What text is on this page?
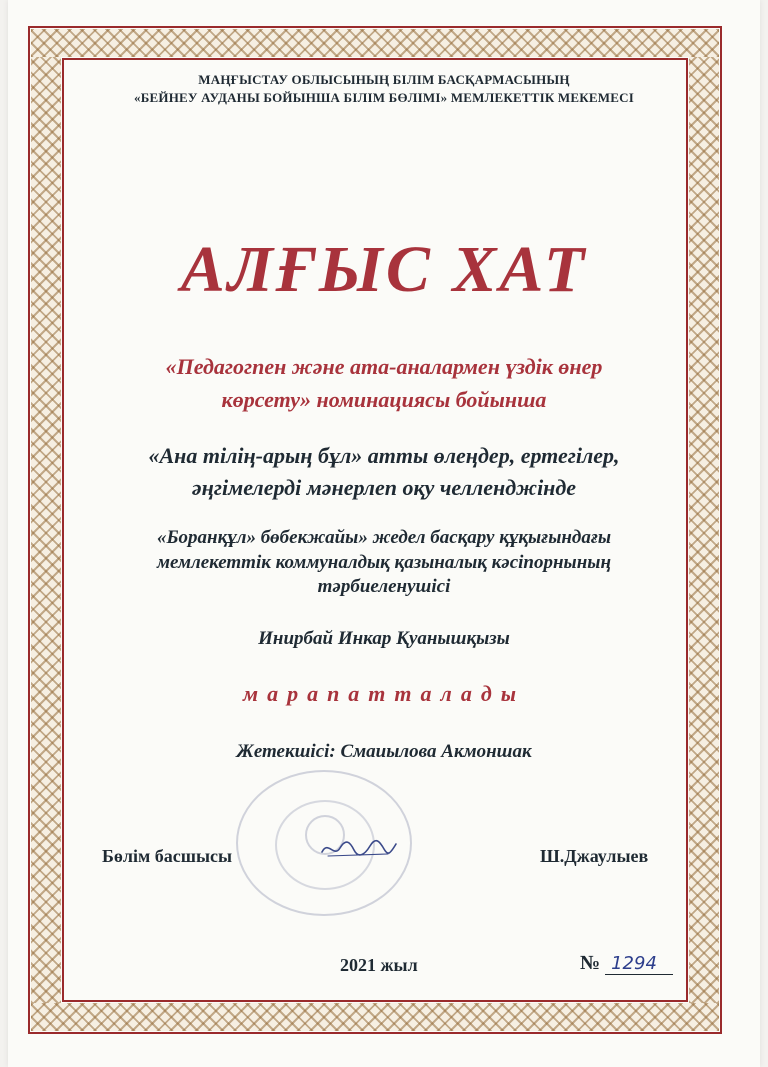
МАҢҒЫСТАУ ОБЛЫСЫНЫҢ БІЛІМ БАСҚАРМАСЫНЫҢ
«БЕЙНЕУ АУДАНЫ БОЙЫНША БІЛІМ БӨЛІМІ» МЕМЛЕКЕТТІК МЕКЕМЕСІ
АЛҒЫС ХАТ
«Педагогпен және ата-аналармен үздік өнер
көрсету» номинациясы бойынша
«Ана тілің-арың бұл» атты өлеңдер, ертегілер,
әңгімелерді мәнерлеп оқу челленджінде
«Боранқұл» бөбекжайы» жедел басқару құқығындағы
мемлекеттік коммуналдық қазыналық кәсіпорнының
тәрбиеленушісі
Инирбай Инкар Қуанышқызы
марапатталады
Жетекшісі: Смаиылова Акмоншак
Бөлім басшысы	Ш.Джаулыев
2021 жыл	№ 1294
